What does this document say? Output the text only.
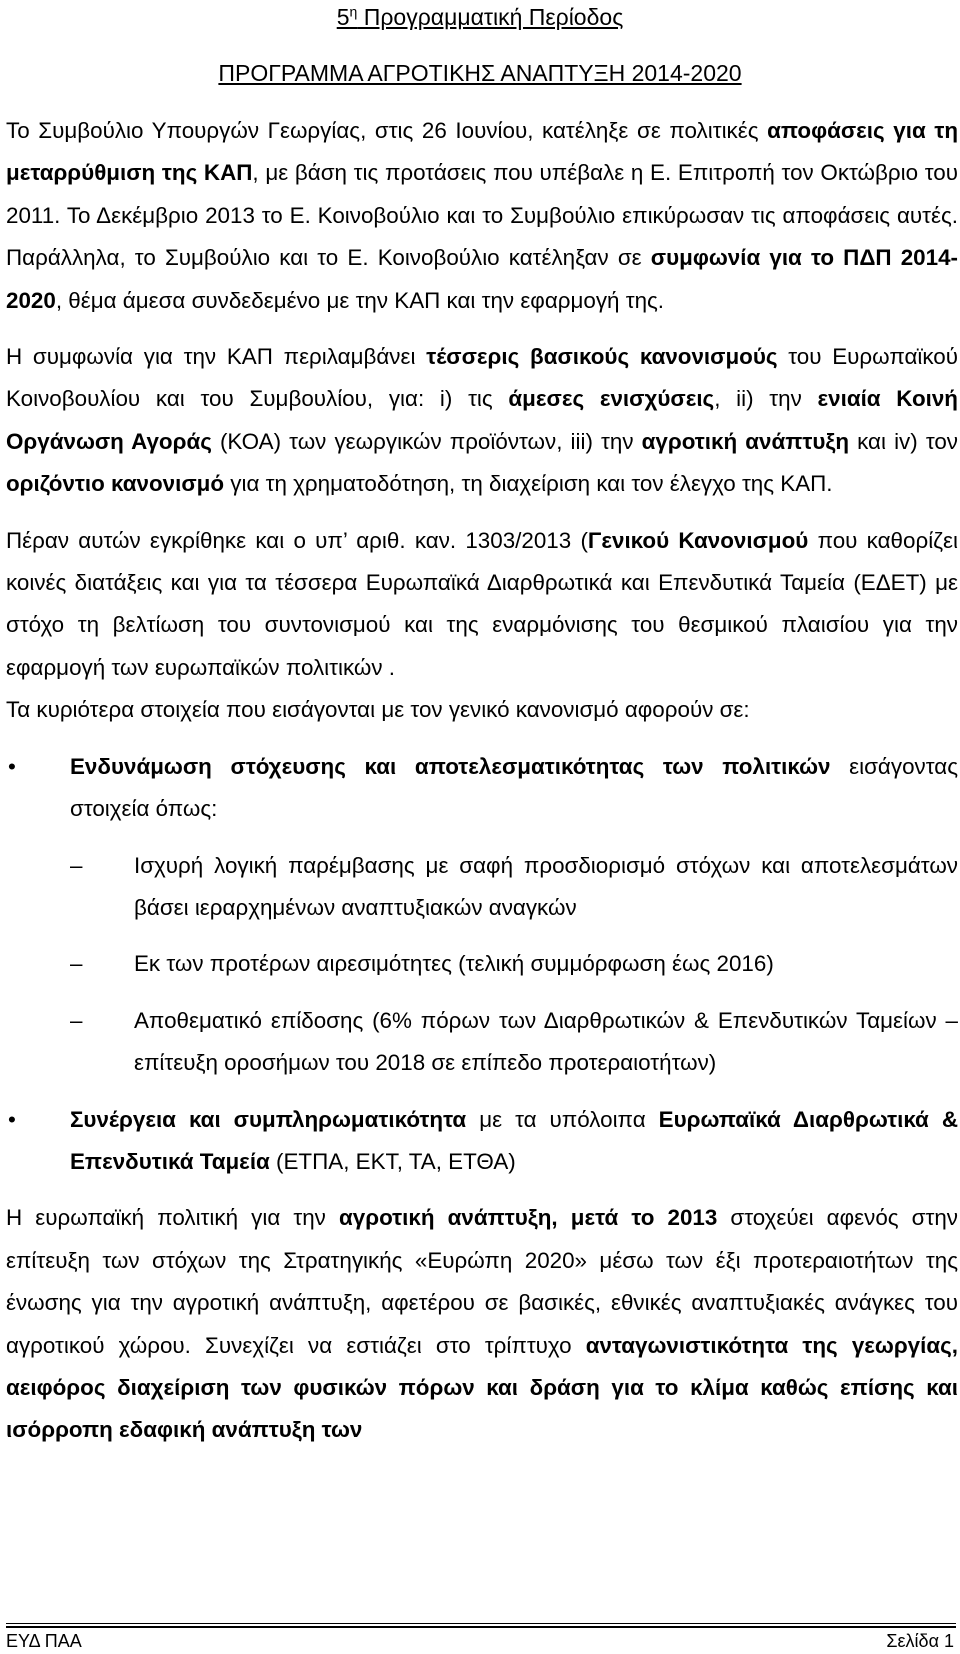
$5^\eta$ Προγραμματική Περίοδος

ΠΡΟΓΡΑΜΜΑ ΑΓΡΟΤΙΚΗΣ ΑΝΑΠΤΥΞΗ 2014-2020

Το Συμβούλιο Υπουργών Γεωργίας, στις 26 Ιουνίου, κατέληξε σε πολιτικές αποφάσεις για τη μεταρρύθμιση της ΚΑΠ, με βάση τις προτάσεις που υπέβαλε η Ε. Επιτροπή τον Οκτώβριο του 2011. Το Δεκέμβριο 2013 το Ε. Κοινοβούλιο και το Συμβούλιο επικύρωσαν τις αποφάσεις αυτές. Παράλληλα, το Συμβούλιο και το Ε. Κοινοβούλιο κατέληξαν σε συμφωνία για το ΠΔΠ 2014-2020, θέμα άμεσα συνδεδεμένο με την ΚΑΠ και την εφαρμογή της.

Η συμφωνία για την ΚΑΠ περιλαμβάνει τέσσερις βασικούς κανονισμούς του Ευρωπαϊκού Κοινοβουλίου και του Συμβουλίου, για: i) τις άμεσες ενισχύσεις, ii) την ενιαία Κοινή Οργάνωση Αγοράς (ΚΟΑ) των γεωργικών προϊόντων, iii) την αγροτική ανάπτυξη και iv) τον οριζόντιο κανονισμό για τη χρηματοδότηση, τη διαχείριση και τον έλεγχο της ΚΑΠ.

Πέραν αυτών εγκρίθηκε και ο υπ’ αριθ. καν. 1303/2013 (Γενικού Κανονισμού που καθορίζει κοινές διατάξεις και για τα τέσσερα Ευρωπαϊκά Διαρθρωτικά και Επενδυτικά Ταμεία (ΕΔΕΤ) με στόχο τη βελτίωση του συντονισμού και της εναρμόνισης του θεσμικού πλαισίου για την εφαρμογή των ευρωπαϊκών πολιτικών .

Τα κυριότερα στοιχεία που εισάγονται με τον γενικό κανονισμό αφορούν σε:

• Ενδυνάμωση στόχευσης και αποτελεσματικότητας των πολιτικών εισάγοντας στοιχεία όπως:
– Ισχυρή λογική παρέμβασης με σαφή προσδιορισμό στόχων και αποτελεσμάτων βάσει ιεραρχημένων αναπτυξιακών αναγκών
– Εκ των προτέρων αιρεσιμότητες (τελική συμμόρφωση έως 2016)
– Αποθεματικό επίδοσης (6% πόρων των Διαρθρωτικών & Επενδυτικών Ταμείων – επίτευξη οροσήμων του 2018 σε επίπεδο προτεραιοτήτων)
• Συνέργεια και συμπληρωματικότητα με τα υπόλοιπα Ευρωπαϊκά Διαρθρωτικά & Επενδυτικά Ταμεία (ΕΤΠΑ, ΕΚΤ, ΤΑ, ΕΤΘΑ)

Η ευρωπαϊκή πολιτική για την αγροτική ανάπτυξη, μετά το 2013 στοχεύει αφενός στην επίτευξη των στόχων της Στρατηγικής «Ευρώπη 2020» μέσω των έξι προτεραιοτήτων της ένωσης για την αγροτική ανάπτυξη, αφετέρου σε βασικές, εθνικές αναπτυξιακές ανάγκες του αγροτικού χώρου. Συνεχίζει να εστιάζει στο τρίπτυχο ανταγωνιστικότητα της γεωργίας, αειφόρος διαχείριση των φυσικών πόρων και δράση για το κλίμα καθώς επίσης και ισόρροπη εδαφική ανάπτυξη των

ΕΥΔ ΠΑΑ	Σελίδα 1
